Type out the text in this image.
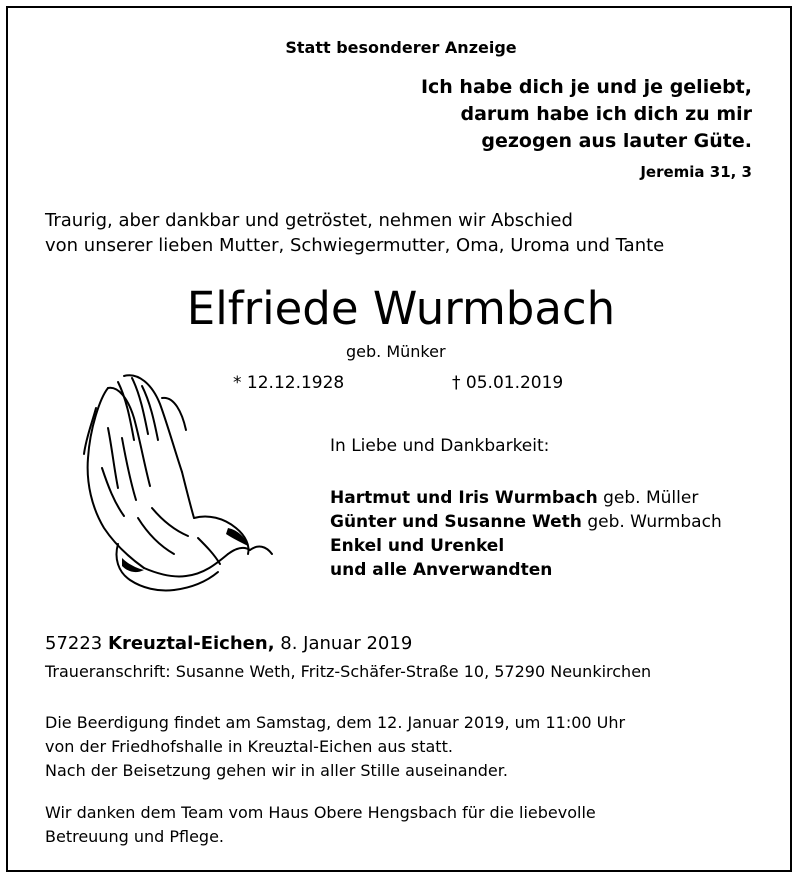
Statt besonderer Anzeige
Ich habe dich je und je geliebt,
darum habe ich dich zu mir
gezogen aus lauter Güte.
Jeremia 31, 3
Traurig, aber dankbar und getröstet, nehmen wir Abschied
von unserer lieben Mutter, Schwiegermutter, Oma, Uroma und Tante
Elfriede Wurmbach
geb. Münker
* 12.12.1928	† 05.01.2019
In Liebe und Dankbarkeit:
Hartmut und Iris Wurmbach geb. Müller
Günter und Susanne Weth geb. Wurmbach
Enkel und Urenkel
und alle Anverwandten
57223 Kreuztal-Eichen, 8. Januar 2019
Traueranschrift: Susanne Weth, Fritz-Schäfer-Straße 10, 57290 Neunkirchen
Die Beerdigung findet am Samstag, dem 12. Januar 2019, um 11:00 Uhr
von der Friedhofshalle in Kreuztal-Eichen aus statt.
Nach der Beisetzung gehen wir in aller Stille auseinander.
Wir danken dem Team vom Haus Obere Hengsbach für die liebevolle
Betreuung und Pflege.
